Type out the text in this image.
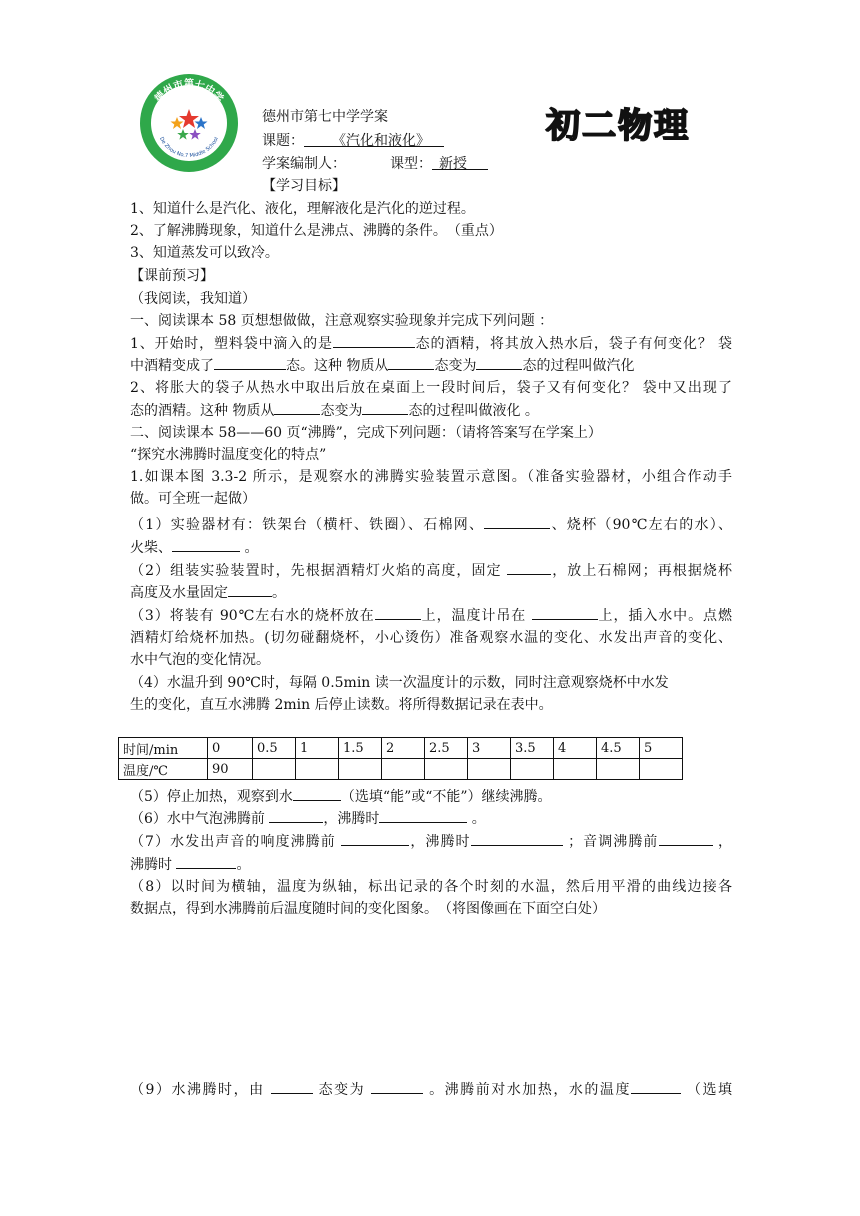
德州市第七中学
De Zhou No.7 Middle School
德州市第七中学学案
课题：   《汽化和液化》 
学案编制人：	课型：  新授  
初二物理
【学习目标】
1、知道什么是汽化、液化，理解液化是汽化的逆过程。
2、了解沸腾现象，知道什么是沸点、沸腾的条件。　（重点）
3、知道蒸发可以致冷。
【课前预习】
（我阅读，我知道）
一、阅读课本 58 页想想做做，注意观察实验现象并完成下列问题 ：
1、开始时，塑料袋中滴入的是	态的酒精，将其放入热水后，袋子有何变化？ 袋
中酒精变成了	态。这种 物质从	态变为	态的过程叫做汽化
2、将胀大的袋子从热水中取出后放在桌面上一段时间后，袋子又有何变化？ 袋中又出现了
态的酒精。这种 物质从	态变为	态的过程叫做液化 。
二、阅读课本 58——60 页“沸腾”，完成下列问题：（请将答案写在学案上）
“探究水沸腾时温度变化的特点”
1.如课本图 3.3-2 所示，是观察水的沸腾实验装置示意图。（准备实验器材，小组合作动手
做。可全班一起做）
（1）实验器材有：铁架台（横杆、铁圈）、石棉网、	、烧杯（90℃左右的水）、
火柴、	。
（2）组装实验装置时，先根据酒精灯火焰的高度，固定	，放上石棉网；再根据烧杯
高度及水量固定	。
（3）将装有 90℃左右水的烧杯放在	上，温度计吊在	上，插入水中。点燃
酒精灯给烧杯加热。(切勿碰翻烧杯，小心烫伤）准备观察水温的变化、水发出声音的变化、
水中气泡的变化情况。
（4）水温升到 90℃时，每隔 0.5min 读一次温度计的示数，同时注意观察烧杯中水发
生的变化，直互水沸腾 2min 后停止读数。将所得数据记录在表中。
时间/min	0	0.5	1	1.5	2	2.5	3	3.5	4	4.5	5
温度/℃	90										
（5）停止加热，观察到水	（选填“能”或“不能”）继续沸腾。
（6）水中气泡沸腾前	，沸腾时	。
（7）水发出声音的响度沸腾前	，沸腾时	；音调沸腾前	，
沸腾时	。
（8）以时间为横轴，温度为纵轴，标出记录的各个时刻的水温，然后用平滑的曲线边接各
数据点，得到水沸腾前后温度随时间的变化图象。　（将图像画在下面空白处）
（9）水沸腾时，由	态变为	。沸腾前对水加热，水的温度	（选填
